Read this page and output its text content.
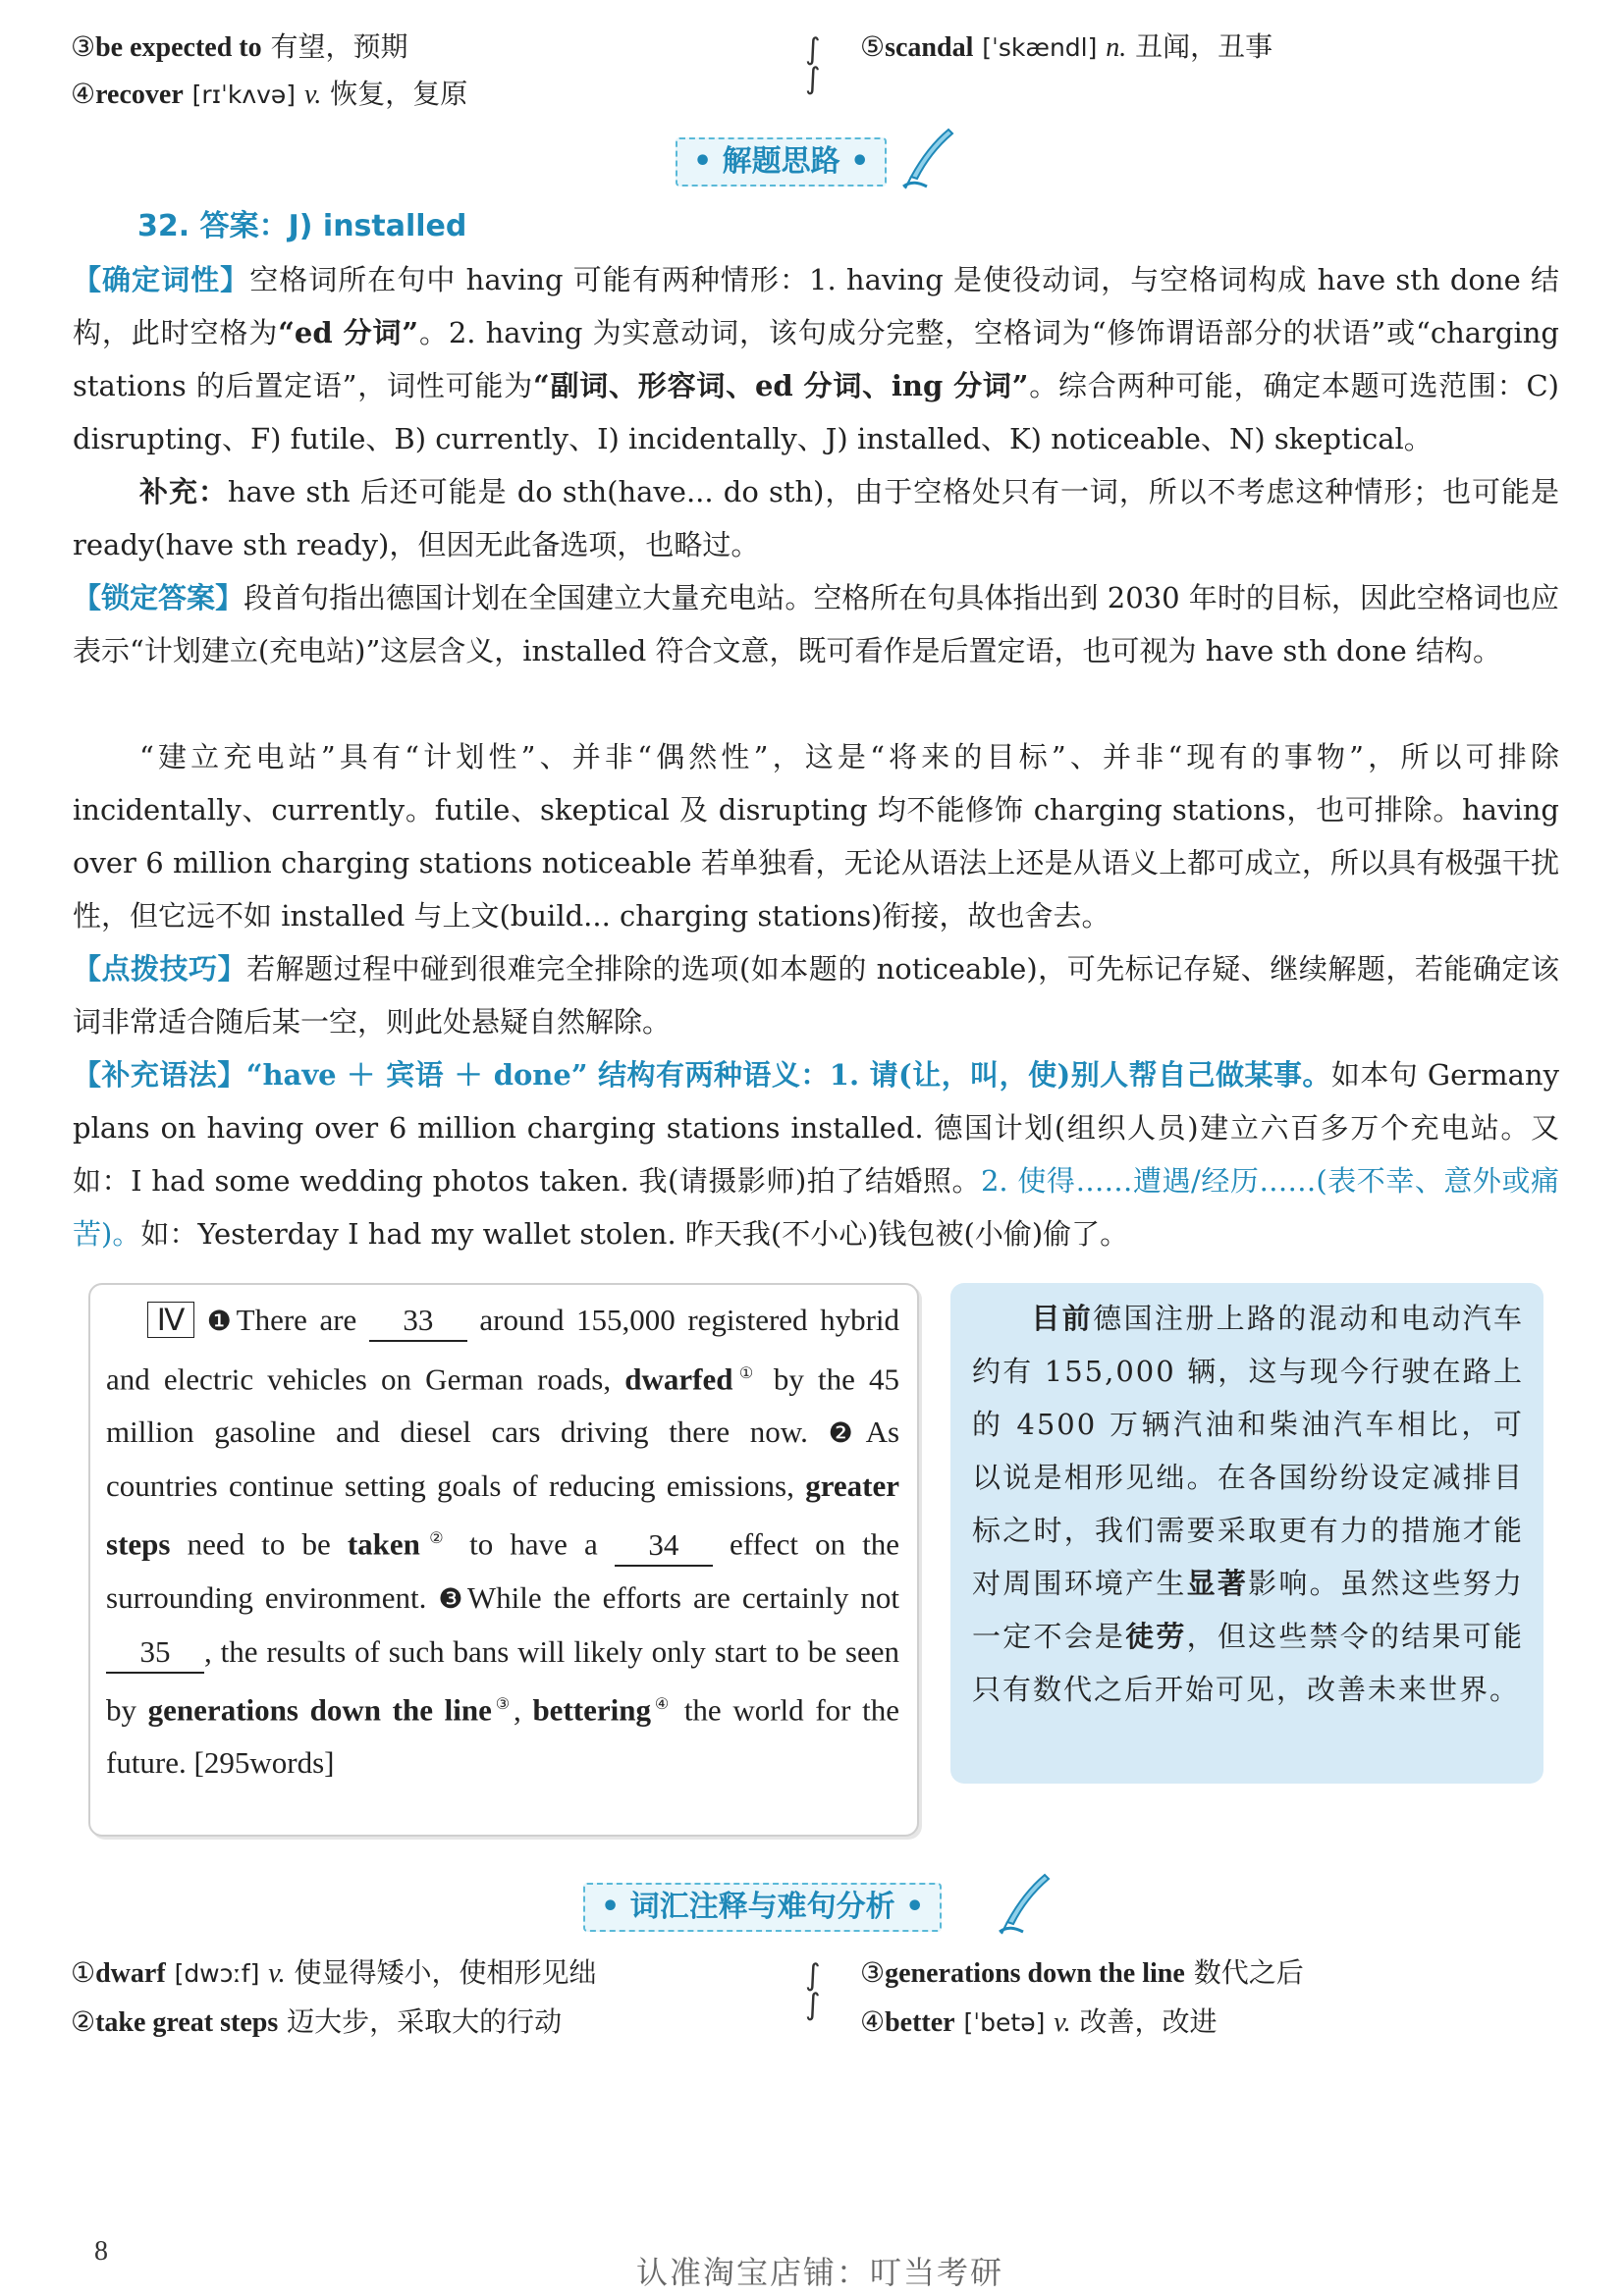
③be expected to 有望，预期	⑤scandal [ˈskændl] n. 丑闻，丑事
④recover [rɪˈkʌvə] v. 恢复，复原
∫
∫
• 解题思路 •
32. 答案：J) installed
【确定词性】空格词所在句中 having 可能有两种情形：1. having 是使役动词，与空格词构成 have sth done 结构，此时空格为“ed 分词”。2. having 为实意动词，该句成分完整，空格词为“修饰谓语部分的状语”或“charging stations 的后置定语”，词性可能为“副词、形容词、ed 分词、ing 分词”。综合两种可能，确定本题可选范围：C) disrupting、F) futile、B) currently、I) incidentally、J) installed、K) noticeable、N) skeptical。
补充：have sth 后还可能是 do sth(have... do sth)，由于空格处只有一词，所以不考虑这种情形；也可能是 ready(have sth ready)，但因无此备选项，也略过。
【锁定答案】段首句指出德国计划在全国建立大量充电站。空格所在句具体指出到 2030 年时的目标，因此空格词也应表示“计划建立(充电站)”这层含义，installed 符合文意，既可看作是后置定语，也可视为 have sth done 结构。
“建立充电站”具有“计划性”、并非“偶然性”，这是“将来的目标”、并非“现有的事物”，所以可排除 incidentally、currently。futile、skeptical 及 disrupting 均不能修饰 charging stations，也可排除。having over 6 million charging stations noticeable 若单独看，无论从语法上还是从语义上都可成立，所以具有极强干扰性，但它远不如 installed 与上文(build... charging stations)衔接，故也舍去。
【点拨技巧】若解题过程中碰到很难完全排除的选项(如本题的 noticeable)，可先标记存疑、继续解题，若能确定该词非常适合随后某一空，则此处悬疑自然解除。
【补充语法】“have ＋ 宾语 ＋ done” 结构有两种语义：1. 请(让，叫，使)别人帮自己做某事。如本句 Germany plans on having over 6 million charging stations installed. 德国计划(组织人员)建立六百多万个充电站。又如：I had some wedding photos taken. 我(请摄影师)拍了结婚照。2. 使得……遭遇/经历……(表不幸、意外或痛苦)。如：Yesterday I had my wallet stolen. 昨天我(不小心)钱包被(小偷)偷了。
Ⅳ ❶There are 33 around 155,000 registered hybrid and electric vehicles on German roads, dwarfed① by the 45 million gasoline and diesel cars driving there now. ❷As countries continue setting goals of reducing emissions, greater steps need to be taken② to have a 34 effect on the surrounding environment. ❸While the efforts are certainly not 35 , the results of such bans will likely only start to be seen by generations down the line③, bettering④ the world for the future. [295words]
目前德国注册上路的混动和电动汽车约有 155,000 辆，这与现今行驶在路上的 4500 万辆汽油和柴油汽车相比，可以说是相形见绌。在各国纷纷设定减排目标之时，我们需要采取更有力的措施才能对周围环境产生显著影响。虽然这些努力一定不会是徒劳，但这些禁令的结果可能只有数代之后开始可见，改善未来世界。
• 词汇注释与难句分析 •
①dwarf [dwɔːf] v. 使显得矮小，使相形见绌	③generations down the line 数代之后
②take great steps 迈大步，采取大的行动	④better [ˈbetə] v. 改善，改进
∫
∫
8
认准淘宝店铺：叮当考研
